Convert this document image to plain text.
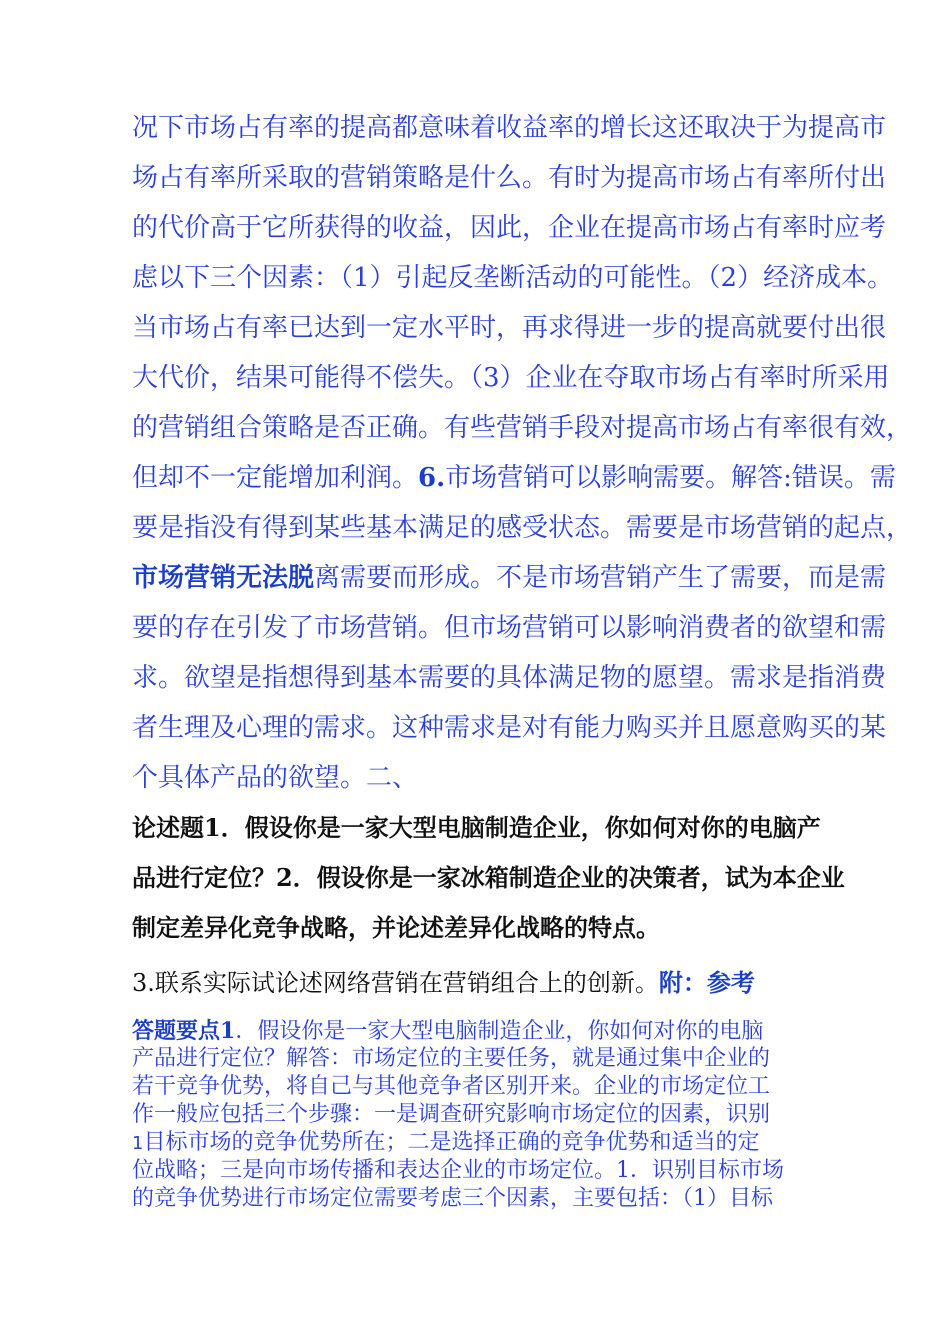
况下市场占有率的提高都意味着收益率的增长这还取决于为提高市
场占有率所采取的营销策略是什么。有时为提高市场占有率所付出
的代价高于它所获得的收益，因此，企业在提高市场占有率时应考
虑以下三个因素：（1）引起反垄断活动的可能性。（2）经济成本。
当市场占有率已达到一定水平时，再求得进一步的提高就要付出很
大代价，结果可能得不偿失。（3）企业在夺取市场占有率时所采用
的营销组合策略是否正确。有些营销手段对提高市场占有率很有效，
但却不一定能增加利润。6.市场营销可以影响需要。解答:错误。需
要是指没有得到某些基本满足的感受状态。需要是市场营销的起点，
市场营销无法脱离需要而形成。不是市场营销产生了需要，而是需
要的存在引发了市场营销。但市场营销可以影响消费者的欲望和需
求。欲望是指想得到基本需要的具体满足物的愿望。需求是指消费
者生理及心理的需求。这种需求是对有能力购买并且愿意购买的某
个具体产品的欲望。二、
论述题1．假设你是一家大型电脑制造企业，你如何对你的电脑产
品进行定位？2．假设你是一家冰箱制造企业的决策者，试为本企业
制定差异化竞争战略，并论述差异化战略的特点。
3.联系实际试论述网络营销在营销组合上的创新。附：参考
答题要点1．假设你是一家大型电脑制造企业，你如何对你的电脑
产品进行定位？解答：市场定位的主要任务，就是通过集中企业的
若干竞争优势，将自己与其他竞争者区别开来。企业的市场定位工
作一般应包括三个步骤：一是调查研究影响市场定位的因素，识别
1目标市场的竞争优势所在；二是选择正确的竞争优势和适当的定
位战略；三是向市场传播和表达企业的市场定位。1．识别目标市场
的竞争优势进行市场定位需要考虑三个因素，主要包括：（1）目标
